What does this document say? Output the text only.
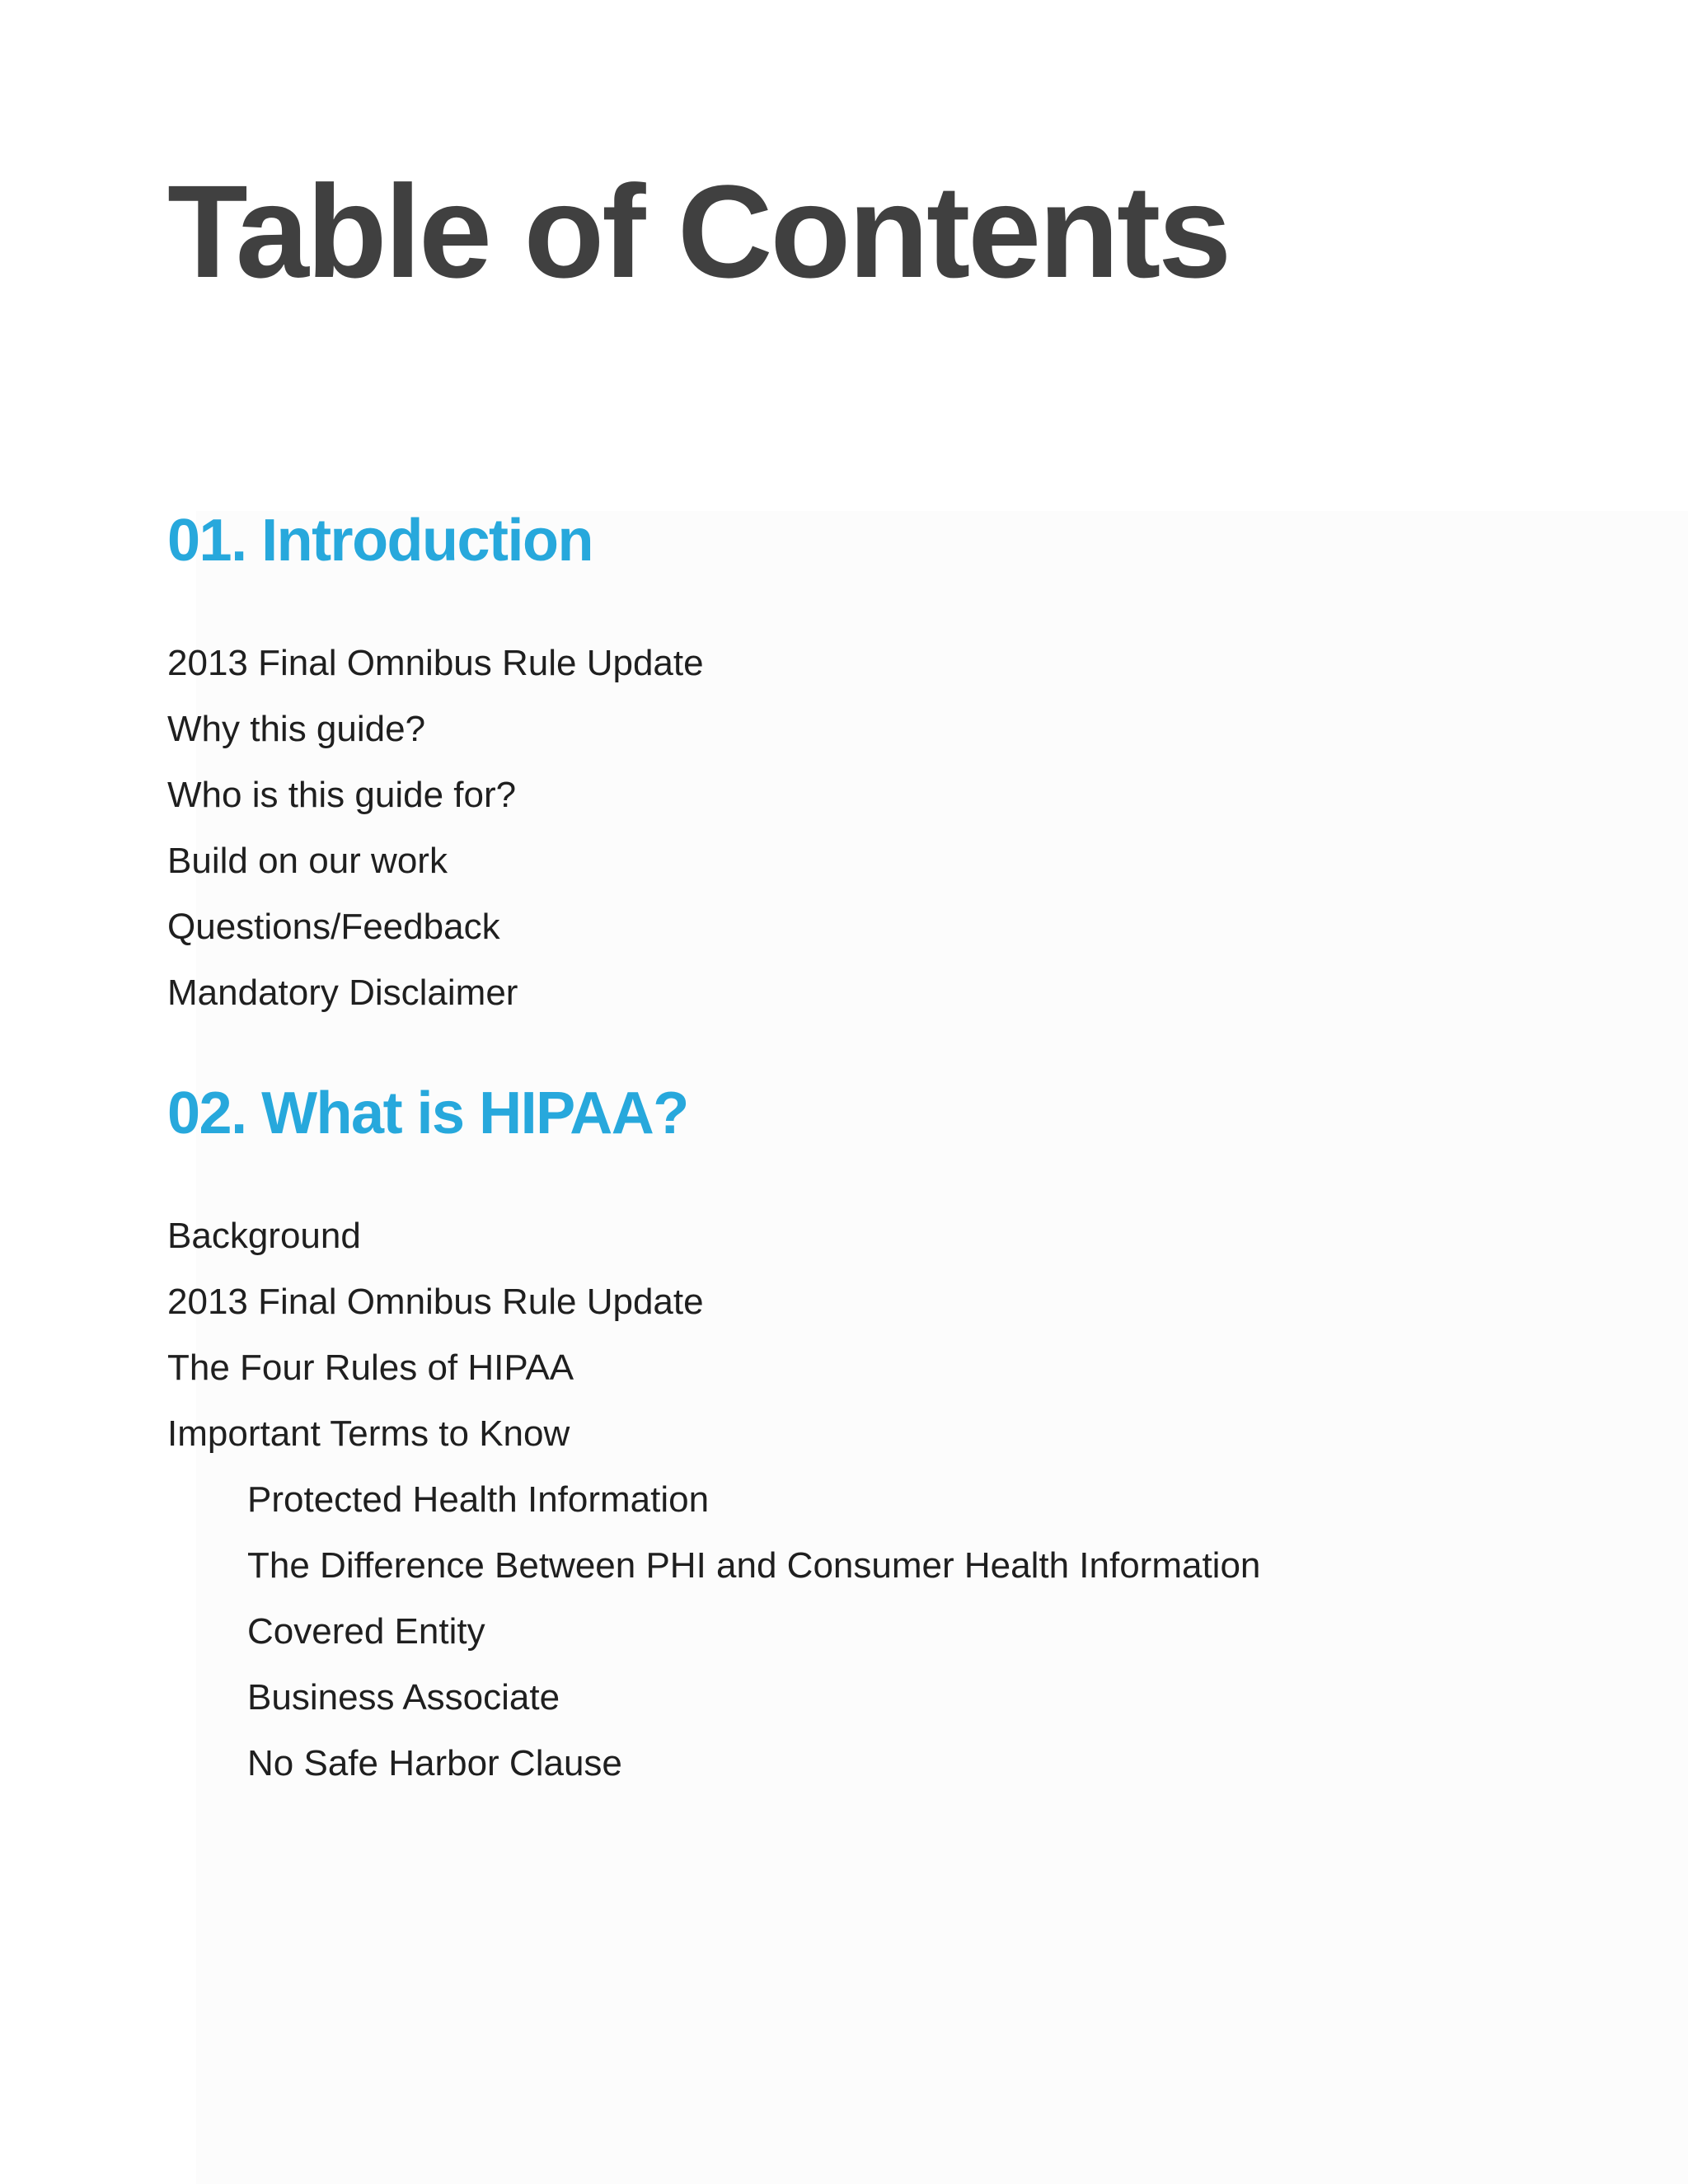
Table of Contents
01. Introduction
2013 Final Omnibus Rule Update
Why this guide?
Who is this guide for?
Build on our work
Questions/Feedback
Mandatory Disclaimer
02. What is HIPAA?
Background
2013 Final Omnibus Rule Update
The Four Rules of HIPAA
Important Terms to Know
Protected Health Information
The Difference Between PHI and Consumer Health Information
Covered Entity
Business Associate
No Safe Harbor Clause
